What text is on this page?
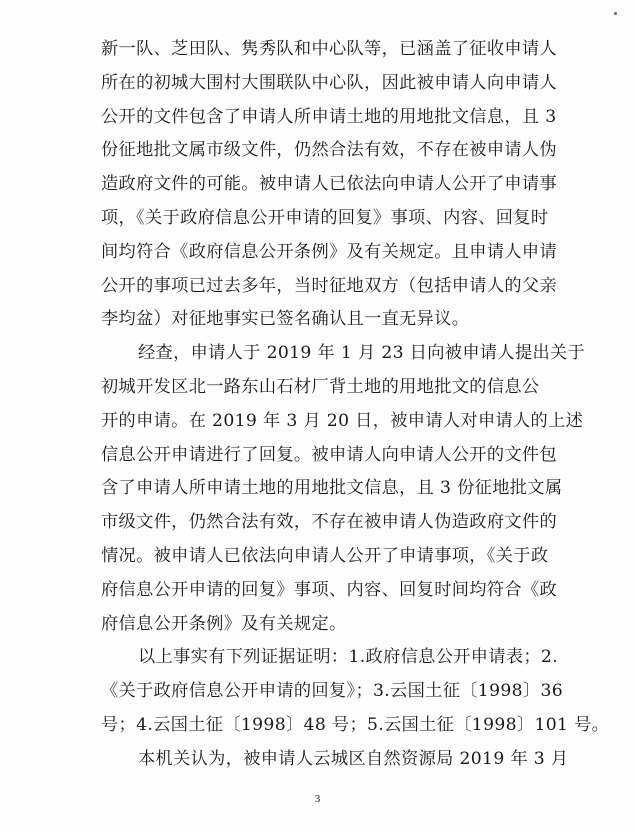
新一队、芝田队、隽秀队和中心队等，已涵盖了征收申请人
所在的初城大围村大围联队中心队，因此被申请人向申请人
公开的文件包含了申请人所申请土地的用地批文信息，且 3
份征地批文属市级文件，仍然合法有效，不存在被申请人伪
造政府文件的可能。被申请人已依法向申请人公开了申请事
项，《关于政府信息公开申请的回复》事项、内容、回复时
间均符合《政府信息公开条例》及有关规定。且申请人申请
公开的事项已过去多年，当时征地双方（包括申请人的父亲
李均盆）对征地事实已签名确认且一直无异议。
经查，申请人于 2019 年 1 月 23 日向被申请人提出关于
初城开发区北一路东山石材厂背土地的用地批文的信息公
开的申请。在 2019 年 3 月 20 日，被申请人对申请人的上述
信息公开申请进行了回复。被申请人向申请人公开的文件包
含了申请人所申请土地的用地批文信息，且 3 份征地批文属
市级文件，仍然合法有效，不存在被申请人伪造政府文件的
情况。被申请人已依法向申请人公开了申请事项，《关于政
府信息公开申请的回复》事项、内容、回复时间均符合《政
府信息公开条例》及有关规定。
以上事实有下列证据证明：1.政府信息公开申请表；2.
《关于政府信息公开申请的回复》；3.云国土征〔1998〕36
号；4.云国土征〔1998〕48 号；5.云国土征〔1998〕101 号。
本机关认为，被申请人云城区自然资源局 2019 年 3 月
3
